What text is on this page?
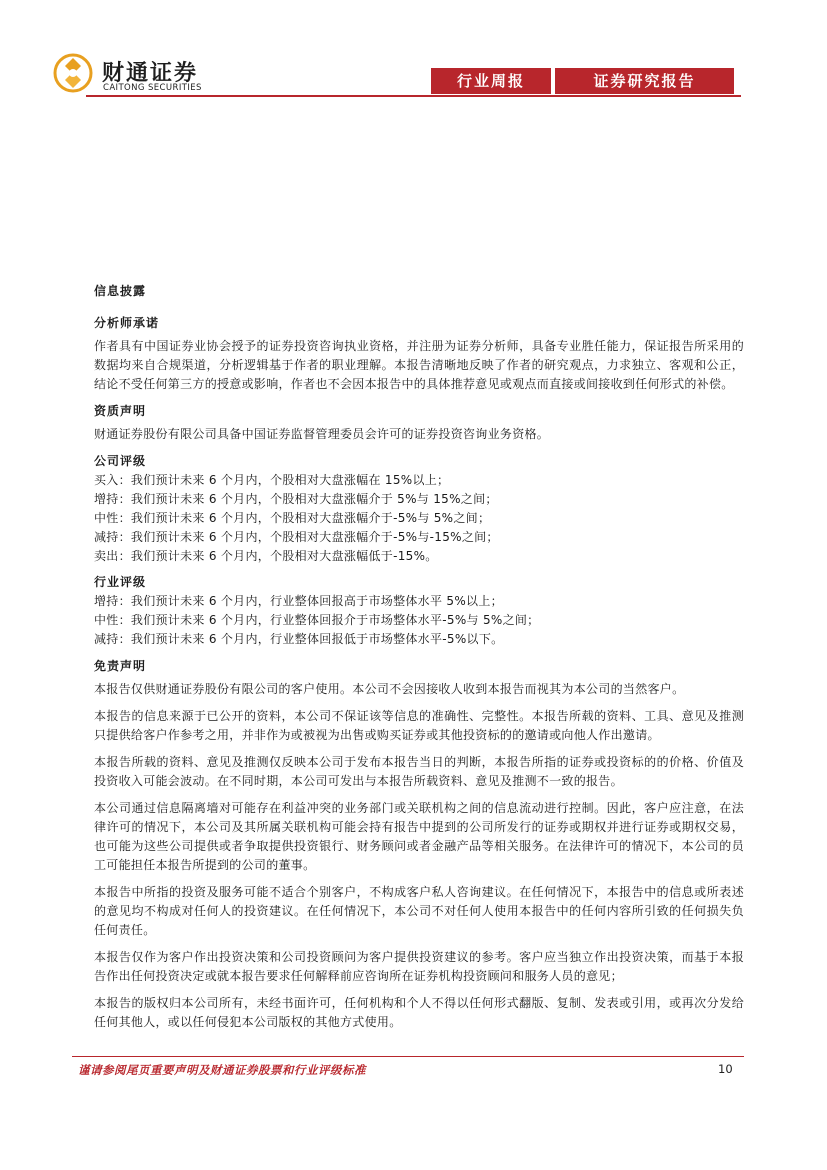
财通证券
CAITONG SECURITIES	行业周报	证券研究报告
信息披露
分析师承诺

作者具有中国证券业协会授予的证券投资咨询执业资格，并注册为证券分析师，具备专业胜任能力，保证报告所采用的数据均来自合规渠道，分析逻辑基于作者的职业理解。本报告清晰地反映了作者的研究观点，力求独立、客观和公正，结论不受任何第三方的授意或影响，作者也不会因本报告中的具体推荐意见或观点而直接或间接收到任何形式的补偿。

资质声明

财通证券股份有限公司具备中国证券监督管理委员会许可的证券投资咨询业务资格。

公司评级

买入：我们预计未来 6 个月内，个股相对大盘涨幅在 15%以上；

增持：我们预计未来 6 个月内，个股相对大盘涨幅介于 5%与 15%之间；

中性：我们预计未来 6 个月内，个股相对大盘涨幅介于-5%与 5%之间；

减持：我们预计未来 6 个月内，个股相对大盘涨幅介于-5%与-15%之间；

卖出：我们预计未来 6 个月内，个股相对大盘涨幅低于-15%。

行业评级

增持：我们预计未来 6 个月内，行业整体回报高于市场整体水平 5%以上；

中性：我们预计未来 6 个月内，行业整体回报介于市场整体水平-5%与 5%之间；

减持：我们预计未来 6 个月内，行业整体回报低于市场整体水平-5%以下。

免责声明

本报告仅供财通证券股份有限公司的客户使用。本公司不会因接收人收到本报告而视其为本公司的当然客户。

本报告的信息来源于已公开的资料，本公司不保证该等信息的准确性、完整性。本报告所载的资料、工具、意见及推测只提供给客户作参考之用，并非作为或被视为出售或购买证券或其他投资标的的邀请或向他人作出邀请。

本报告所载的资料、意见及推测仅反映本公司于发布本报告当日的判断，本报告所指的证券或投资标的的价格、价值及投资收入可能会波动。在不同时期，本公司可发出与本报告所载资料、意见及推测不一致的报告。

本公司通过信息隔离墙对可能存在利益冲突的业务部门或关联机构之间的信息流动进行控制。因此，客户应注意，在法律许可的情况下，本公司及其所属关联机构可能会持有报告中提到的公司所发行的证券或期权并进行证券或期权交易，也可能为这些公司提供或者争取提供投资银行、财务顾问或者金融产品等相关服务。在法律许可的情况下，本公司的员工可能担任本报告所提到的公司的董事。

本报告中所指的投资及服务可能不适合个别客户，不构成客户私人咨询建议。在任何情况下，本报告中的信息或所表述的意见均不构成对任何人的投资建议。在任何情况下，本公司不对任何人使用本报告中的任何内容所引致的任何损失负任何责任。

本报告仅作为客户作出投资决策和公司投资顾问为客户提供投资建议的参考。客户应当独立作出投资决策，而基于本报告作出任何投资决定或就本报告要求任何解释前应咨询所在证券机构投资顾问和服务人员的意见；

本报告的版权归本公司所有，未经书面许可，任何机构和个人不得以任何形式翻版、复制、发表或引用，或再次分发给任何其他人，或以任何侵犯本公司版权的其他方式使用。

谨请参阅尾页重要声明及财通证券股票和行业评级标准	10
